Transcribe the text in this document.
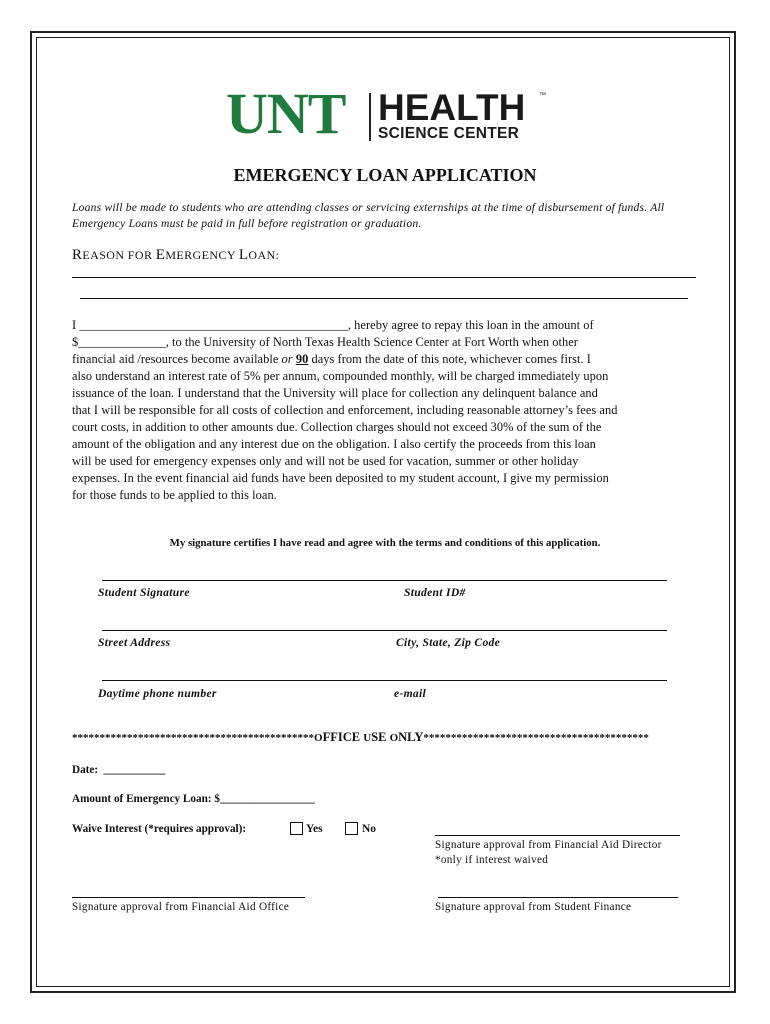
UNT HEALTH ™
SCIENCE CENTER
EMERGENCY LOAN APPLICATION
Loans will be made to students who are attending classes or servicing externships at the time of disbursement of funds. All Emergency Loans must be paid in full before registration or graduation.
REASON FOR EMERGENCY LOAN:
I ___________________________________________, hereby agree to repay this loan in the amount of
$______________, to the University of North Texas Health Science Center at Fort Worth when other
financial aid /resources become available or 90 days from the date of this note, whichever comes first. I
also understand an interest rate of 5% per annum, compounded monthly, will be charged immediately upon
issuance of the loan. I understand that the University will place for collection any delinquent balance and
that I will be responsible for all costs of collection and enforcement, including reasonable attorney’s fees and
court costs, in addition to other amounts due. Collection charges should not exceed 30% of the sum of the
amount of the obligation and any interest due on the obligation. I also certify the proceeds from this loan
will be used for emergency expenses only and will not be used for vacation, summer or other holiday
expenses. In the event financial aid funds have been deposited to my student account, I give my permission
for those funds to be applied to this loan.
My signature certifies I have read and agree with the terms and conditions of this application.
Student Signature	Student ID#
Street Address	City, State, Zip Code
Daytime phone number	e-mail
********************************************OFFICE USE ONLY*****************************************
Date: ___________
Amount of Emergency Loan: $_________________
Waive Interest (*requires approval):	Yes	No
Signature approval from Financial Aid Director
*only if interest waived
Signature approval from Financial Aid Office	Signature approval from Student Finance
